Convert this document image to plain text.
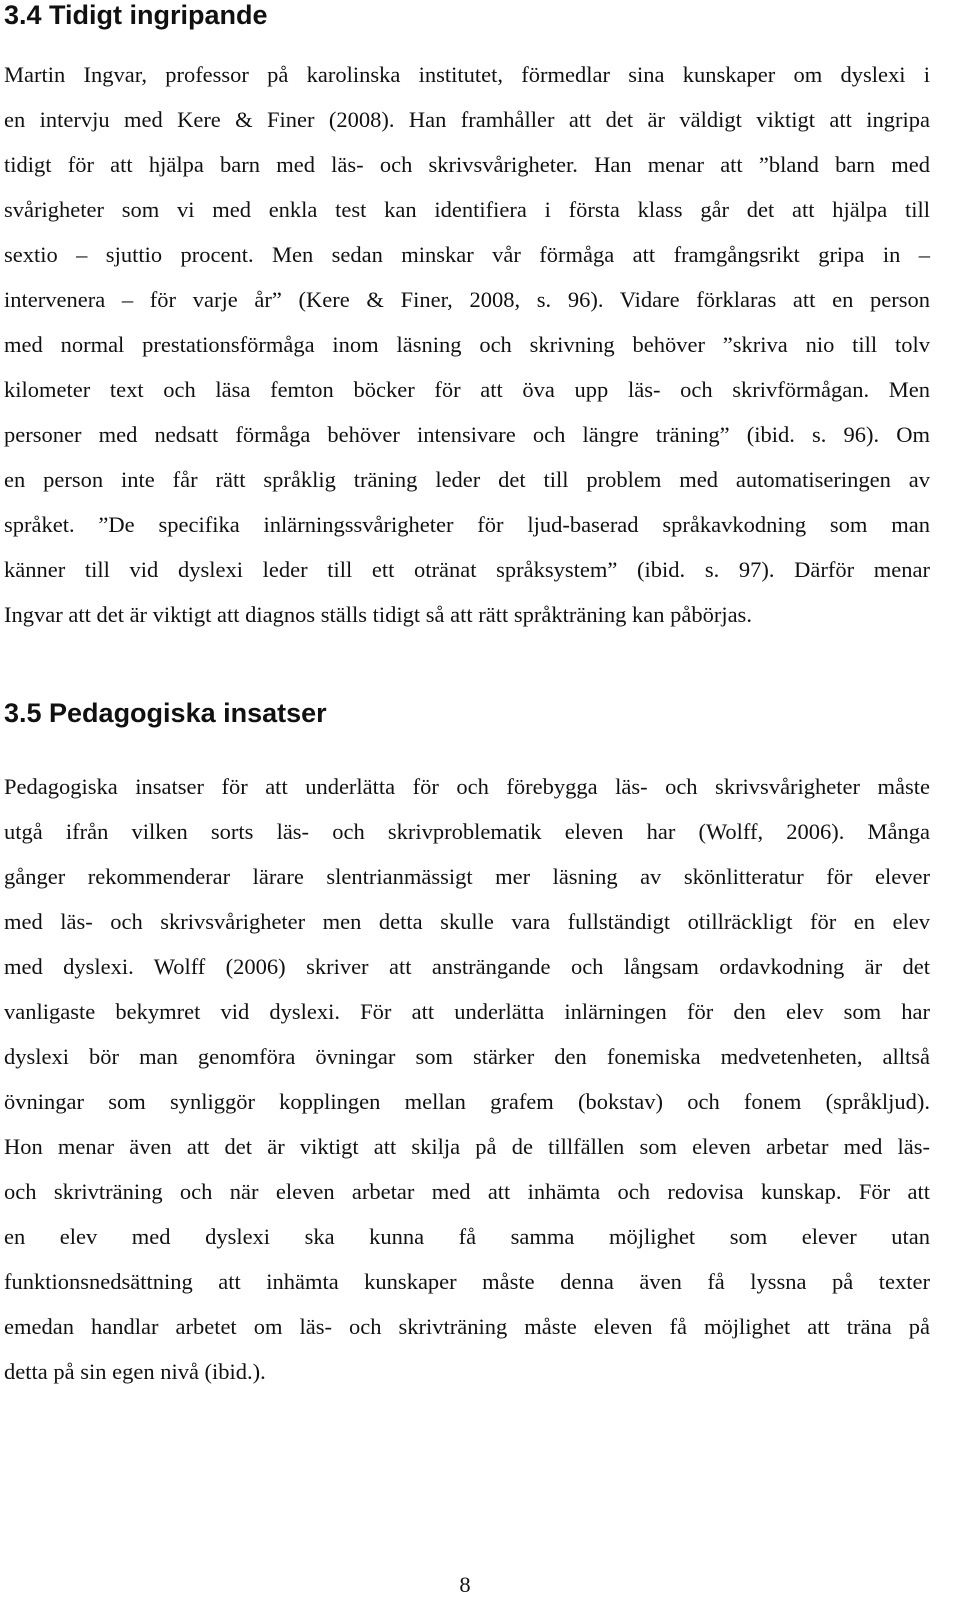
3.4 Tidigt ingripande
Martin Ingvar, professor på karolinska institutet, förmedlar sina kunskaper om dyslexi i
en intervju med Kere & Finer (2008). Han framhåller att det är väldigt viktigt att ingripa
tidigt för att hjälpa barn med läs- och skrivsvårigheter. Han menar att ”bland barn med
svårigheter som vi med enkla test kan identifiera i första klass går det att hjälpa till
sextio – sjuttio procent. Men sedan minskar vår förmåga att framgångsrikt gripa in –
intervenera – för varje år” (Kere & Finer, 2008, s. 96). Vidare förklaras att en person
med normal prestationsförmåga inom läsning och skrivning behöver ”skriva nio till tolv
kilometer text och läsa femton böcker för att öva upp läs- och skrivförmågan. Men
personer med nedsatt förmåga behöver intensivare och längre träning” (ibid. s. 96). Om
en person inte får rätt språklig träning leder det till problem med automatiseringen av
språket. ”De specifika inlärningssvårigheter för ljud-baserad språkavkodning som man
känner till vid dyslexi leder till ett otränat språksystem” (ibid. s. 97). Därför menar
Ingvar att det är viktigt att diagnos ställs tidigt så att rätt språkträning kan påbörjas.
3.5 Pedagogiska insatser
Pedagogiska insatser för att underlätta för och förebygga läs- och skrivsvårigheter måste
utgå ifrån vilken sorts läs- och skrivproblematik eleven har (Wolff, 2006). Många
gånger rekommenderar lärare slentrianmässigt mer läsning av skönlitteratur för elever
med läs- och skrivsvårigheter men detta skulle vara fullständigt otillräckligt för en elev
med dyslexi. Wolff (2006) skriver att ansträngande och långsam ordavkodning är det
vanligaste bekymret vid dyslexi. För att underlätta inlärningen för den elev som har
dyslexi bör man genomföra övningar som stärker den fonemiska medvetenheten, alltså
övningar som synliggör kopplingen mellan grafem (bokstav) och fonem (språkljud).
Hon menar även att det är viktigt att skilja på de tillfällen som eleven arbetar med läs-
och skrivträning och när eleven arbetar med att inhämta och redovisa kunskap. För att
en elev med dyslexi ska kunna få samma möjlighet som elever utan
funktionsnedsättning att inhämta kunskaper måste denna även få lyssna på texter
emedan handlar arbetet om läs- och skrivträning måste eleven få möjlighet att träna på
detta på sin egen nivå (ibid.).
8
